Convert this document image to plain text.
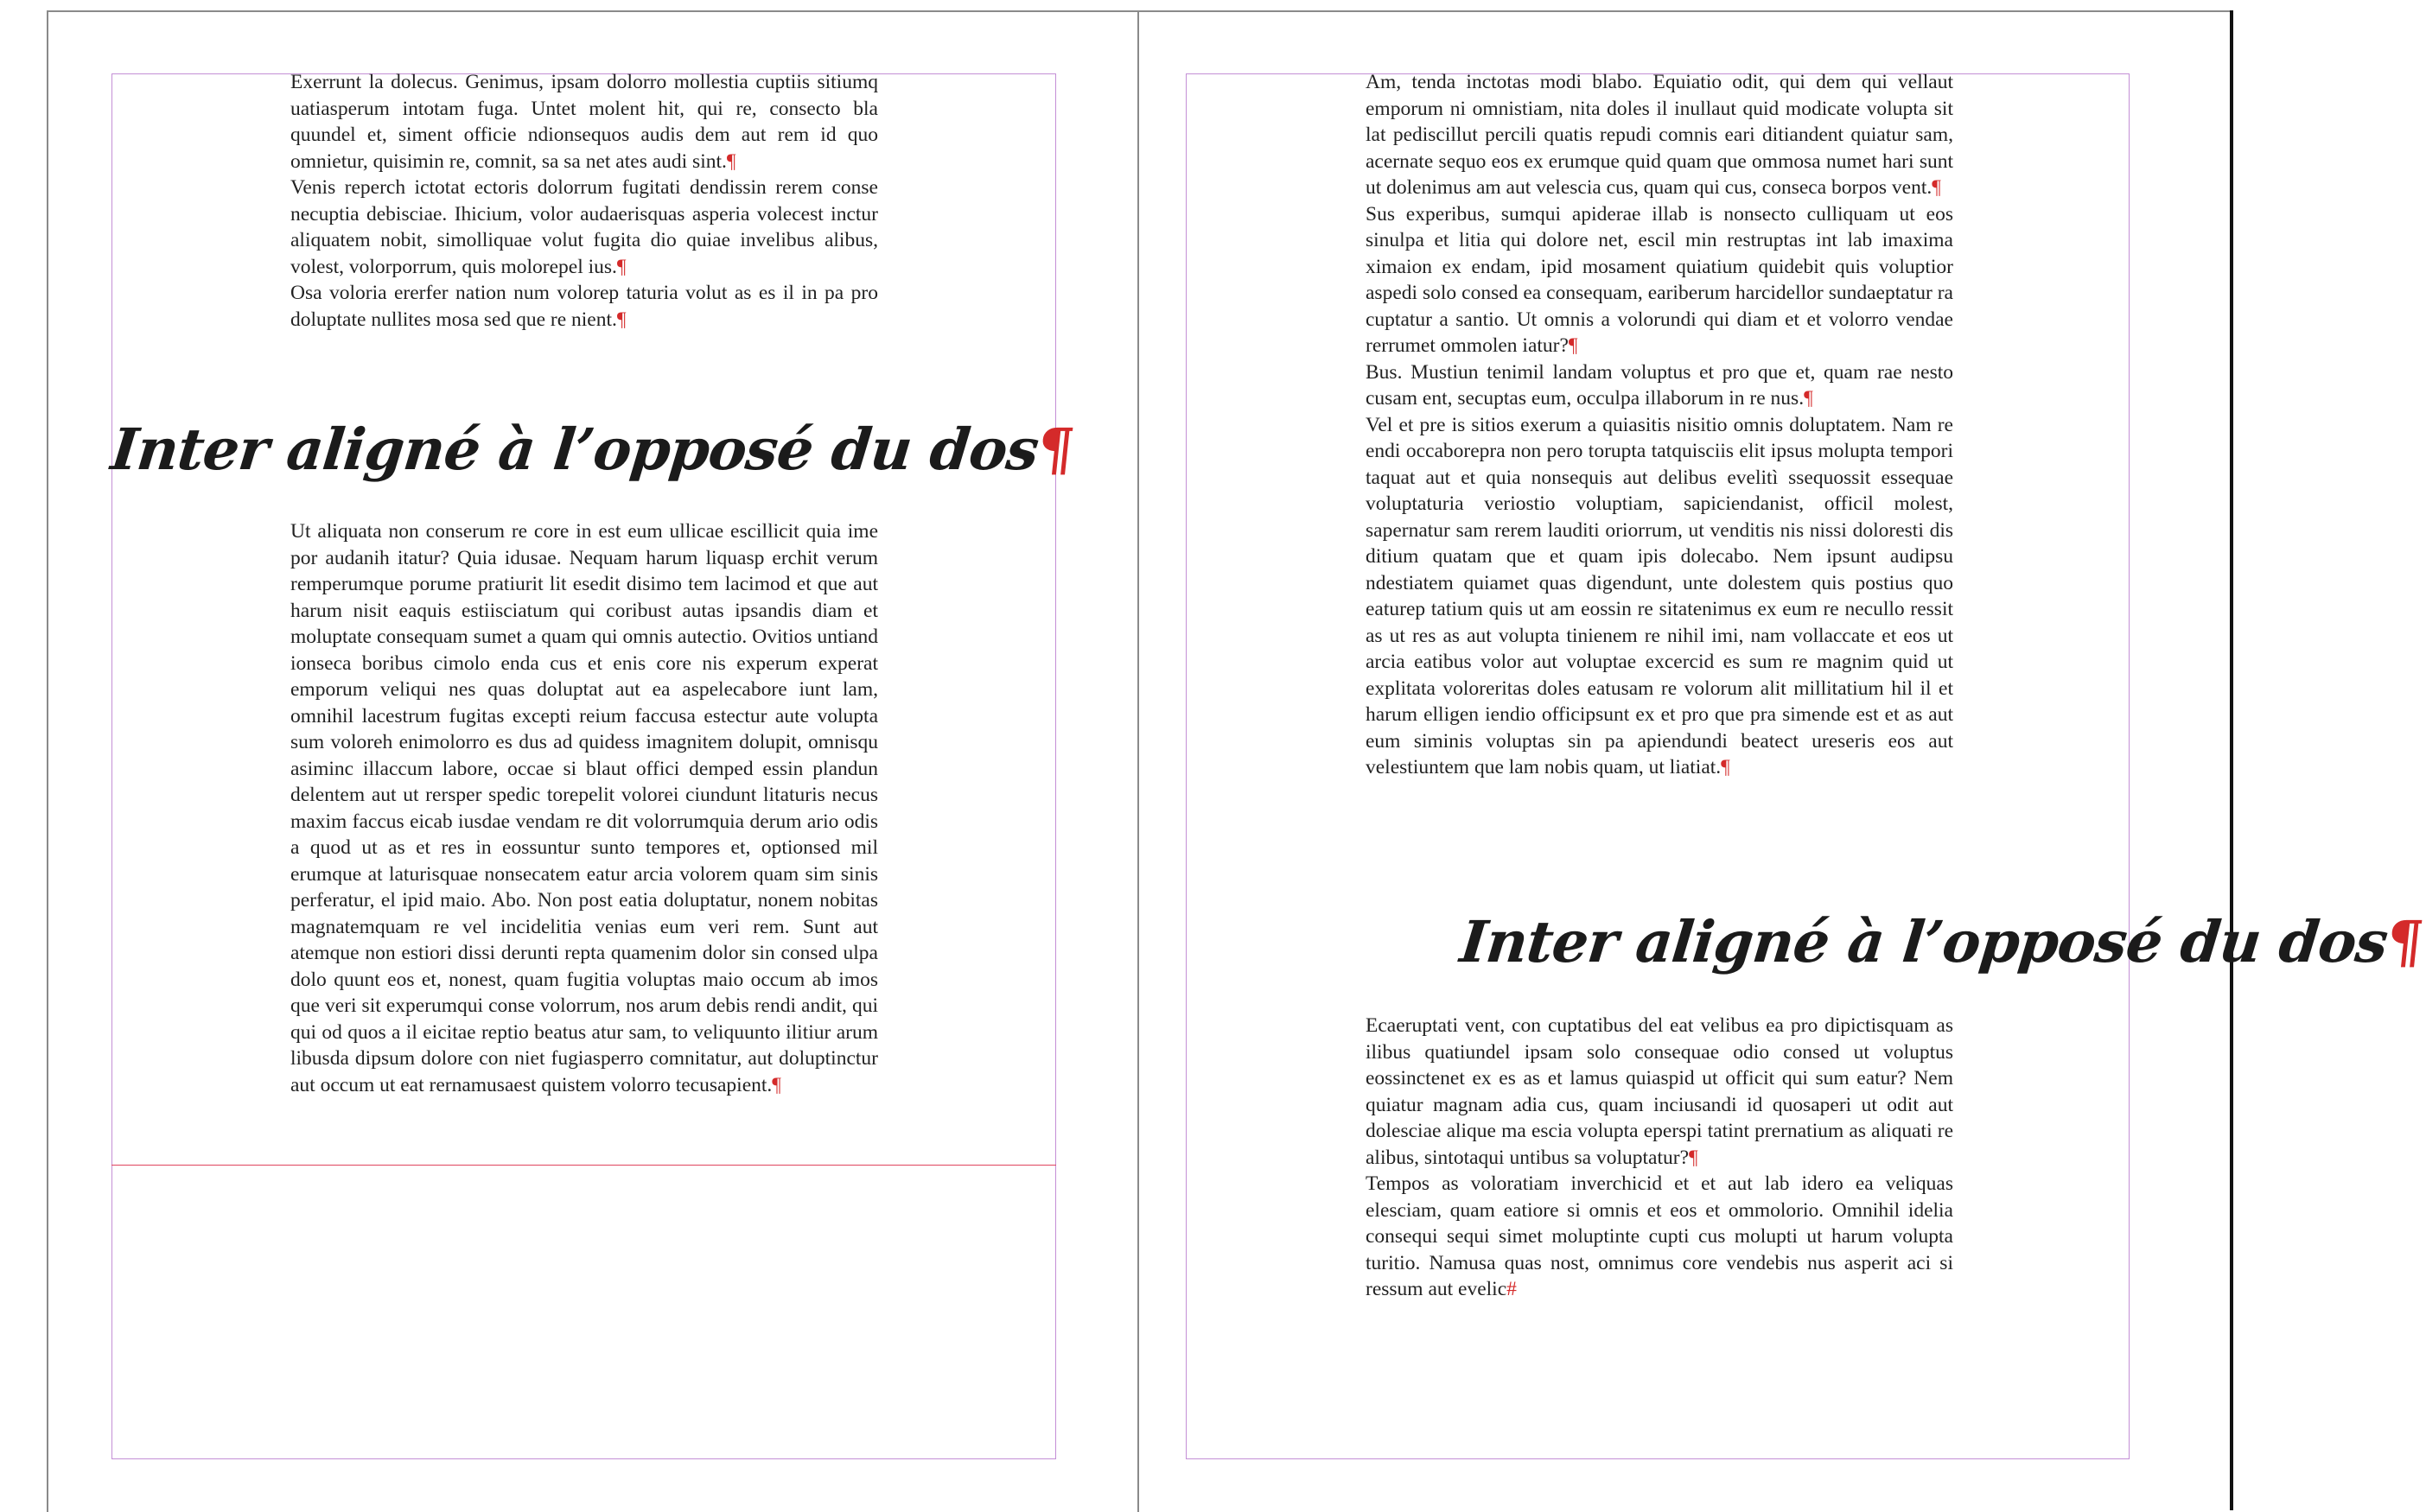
Exerrunt la dolecus. Genimus, ipsam dolorro mollestia cuptiis sitiumq uatiasperum intotam fuga. Untet molent hit, qui re, consecto bla quundel et, siment officie ndionsequos audis dem aut rem id quo omnietur, quisimin re, comnit, sa sa net ates audi sint.¶

Venis reperch ictotat ectoris dolorrum fugitati dendissin rerem conse necuptia debisciae. Ihicium, volor audaerisquas asperia volecest inctur aliquatem nobit, simolliquae volut fugita dio quiae invelibus alibus, volest, volorporrum, quis molorepel ius.¶

Osa voloria ererfer nation num volorep taturia volut as es il in pa pro doluptate nullites mosa sed que re nient.¶

Inter aligné à l’opposé du dos¶

Ut aliquata non conserum re core in est eum ullicae escillicit quia ime por audanih itatur? Quia idusae. Nequam harum liquasp erchit verum remperumque porume pratiurit lit esedit disimo tem lacimod et que aut harum nisit eaquis estiisciatum qui coribust autas ipsandis diam et moluptate consequam sumet a quam qui omnis autectio. Ovitios untiand ionseca boribus cimolo enda cus et enis core nis experum experat emporum veliqui nes quas doluptat aut ea aspelecabore iunt lam, omnihil lacestrum fugitas excepti reium faccusa estectur aute volupta sum voloreh enimolorro es dus ad quidess imagnitem dolupit, omnisqu asiminc illaccum labore, occae si blaut offici demped essin plandun delentem aut ut rersper spedic torepelit volorei ciundunt litaturis necus maxim faccus eicab iusdae vendam re dit volorrumquia derum ario odis a quod ut as et res in eossuntur sunto tempores et, optionsed mil erumque at laturisquae nonsecatem eatur arcia volorem quam sim sinis perferatur, el ipid maio. Abo. Non post eatia doluptatur, nonem nobitas magnatemquam re vel incidelitia venias eum veri rem. Sunt aut atemque non estiori dissi derunti repta quamenim dolor sin consed ulpa dolo quunt eos et, nonest, quam fugitia voluptas maio occum ab imos que veri sit experumqui conse volorrum, nos arum debis rendi andit, qui qui od quos a il eicitae reptio beatus atur sam, to veliquunto ilitiur arum libusda dipsum dolore con niet fugiasperro comnitatur, aut doluptinctur aut occum ut eat rernamusaest quistem volorro tecusapient.¶

Am, tenda inctotas modi blabo. Equiatio odit, qui dem qui vellaut emporum ni omnistiam, nita doles il inullaut quid modicate volupta sit lat pediscillut percili quatis repudi comnis eari ditiandent quiatur sam, acernate sequo eos ex erumque quid quam que ommosa numet hari sunt ut dolenimus am aut velescia cus, quam qui cus, conseca borpos vent.¶

Sus experibus, sumqui apiderae illab is nonsecto culliquam ut eos sinulpa et litia qui dolore net, escil min restruptas int lab imaxima ximaion ex endam, ipid mosament quiatium quidebit quis voluptior aspedi solo consed ea consequam, eariberum harcidellor sundaeptatur ra cuptatur a santio. Ut omnis a volorundi qui diam et et volorro vendae rerrumet ommolen iatur?¶

Bus. Mustiun tenimil landam voluptus et pro que et, quam rae nesto cusam ent, secuptas eum, occulpa illaborum in re nus.¶

Vel et pre is sitios exerum a quiasitis nisitio omnis doluptatem. Nam re endi occaborepra non pero torupta tatquisciis elit ipsus molupta tempori taquat aut et quia nonsequis aut delibus evelitì ssequossit essequae voluptaturia veriostio voluptiam, sapiciendanist, officil molest, sapernatur sam rerem lauditi oriorrum, ut venditis nis nissi doloresti dis ditium quatam que et quam ipis dolecabo. Nem ipsunt audipsu ndestiatem quiamet quas digendunt, unte dolestem quis postius quo eaturep tatium quis ut am eossin re sitatenimus ex eum re necullo ressit as ut res as aut volupta tinienem re nihil imi, nam vollaccate et eos ut arcia eatibus volor aut voluptae excercid es sum re magnim quid ut explitata voloreritas doles eatusam re volorum alit millitatium hil il et harum elligen iendio officipsunt ex et pro que pra simende est et as aut eum siminis voluptas sin pa apiendundi beatect ureseris eos aut velestiuntem que lam nobis quam, ut liatiat.¶

Inter aligné à l’opposé du dos¶

Ecaeruptati vent, con cuptatibus del eat velibus ea pro dipictisquam as ilibus quatiundel ipsam solo consequae odio consed ut voluptus eossinctenet ex es as et lamus quiaspid ut officit qui sum eatur? Nem quiatur magnam adia cus, quam inciusandi id quosaperi ut odit aut dolesciae alique ma escia volupta eperspi tatint prernatium as aliquati re alibus, sintotaqui untibus sa voluptatur?¶

Tempos as voloratiam inverchicid et et aut lab idero ea veliquas elesciam, quam eatiore si omnis et eos et ommolorio. Omnihil idelia consequi sequi simet moluptinte cupti cus molupti ut harum volupta turitio. Namusa quas nost, omnimus core vendebis nus asperit aci si ressum aut evelic#
